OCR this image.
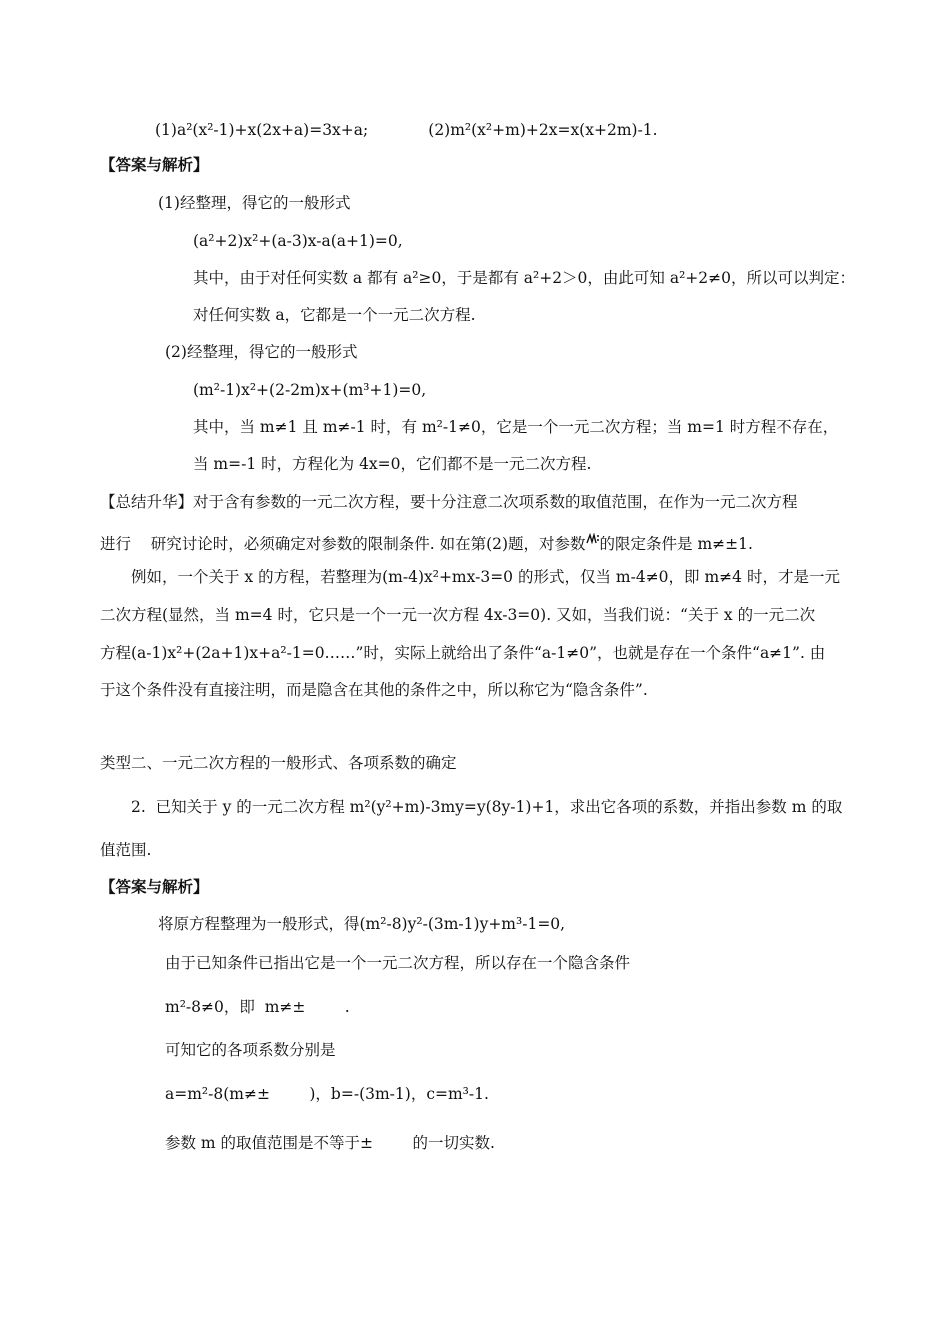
(1)a²(x²-1)+x(2x+a)=3x+a;	(2)m²(x²+m)+2x=x(x+2m)-1.
【答案与解析】
(1)经整理，得它的一般形式
(a²+2)x²+(a-3)x-a(a+1)=0,
其中，由于对任何实数 a 都有 a²≥0，于是都有 a²+2＞0，由此可知 a²+2≠0，所以可以判定：
对任何实数 a，它都是一个一元二次方程.
(2)经整理，得它的一般形式
(m²-1)x²+(2-2m)x+(m³+1)=0,
其中，当 m≠1 且 m≠-1 时，有 m²-1≠0，它是一个一元二次方程；当 m=1 时方程不存在，
当 m=-1 时，方程化为 4x=0，它们都不是一元二次方程.
【总结升华】对于含有参数的一元二次方程，要十分注意二次项系数的取值范围，在作为一元二次方程
进行    研究讨论时，必须确定对参数的限制条件. 如在第(2)题，对参数 的限定条件是 m≠±1.
例如，一个关于 x 的方程，若整理为(m-4)x²+mx-3=0 的形式，仅当 m-4≠0，即 m≠4 时，才是一元
二次方程(显然，当 m=4 时，它只是一个一元一次方程 4x-3=0). 又如，当我们说：“关于 x 的一元二次
方程(a-1)x²+(2a+1)x+a²-1=0……”时，实际上就给出了条件“a-1≠0”，也就是存在一个条件“a≠1”. 由
于这个条件没有直接注明，而是隐含在其他的条件之中，所以称它为“隐含条件”.
类型二、一元二次方程的一般形式、各项系数的确定
2.  已知关于 y 的一元二次方程 m²(y²+m)-3my=y(8y-1)+1，求出它各项的系数，并指出参数 m 的取
值范围.
【答案与解析】
将原方程整理为一般形式，得(m²-8)y²-(3m-1)y+m³-1=0,
由于已知条件已指出它是一个一元二次方程，所以存在一个隐含条件
m²-8≠0，即  m≠±        .
可知它的各项系数分别是
a=m²-8(m≠±        )，b=-(3m-1)，c=m³-1.
参数 m 的取值范围是不等于±        的一切实数.
